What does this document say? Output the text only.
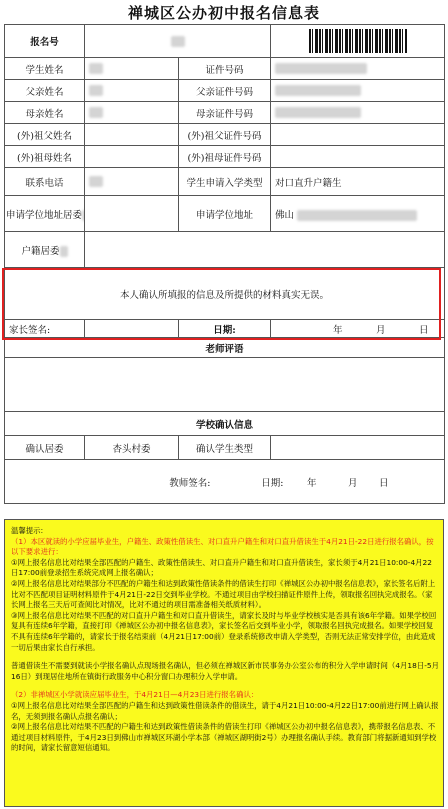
禅城区公办初中报名信息表
报名号			
学生姓名		证件号码	
父亲姓名		父亲证件号码	
母亲姓名		母亲证件号码	
(外)祖父姓名		(外)祖父证件号码	
(外)祖母姓名		(外)祖母证件号码	
联系电话		学生申请入学类型	对口直升户籍生
申请学位地址居委		申请学位地址	佛山
户籍居委			
本人确认所填报的信息及所提供的材料真实无误。			
家长签名:		日期:	年 月 日
老师评语			

学校确认信息			
确认居委	杏头村委	确认学生类型	
教师签名: 日期: 年 月 日			

温馨提示:

（1）本区就读的小学应届毕业生，户籍生、政策性借读生、对口直升户籍生和对口直升借读生于4月21日-22日进行报名确认，按以下要求进行：

①网上报名信息比对结果全部匹配的户籍生、政策性借读生、对口直升户籍生和对口直升借读生，家长须于4月21日10:00-4月22日17:00前登录招生系统完成网上报名确认；

②网上报名信息比对结果部分不匹配的户籍生和达到政策性借读条件的借读生打印《禅城区公办初中报名信息表》，家长签名后附上比对不匹配项目证明材料原件于4月21日-22日交到毕业学校。不通过项目由学校扫描证件原件上传，领取报名回执完成报名。（家长网上报名三天后可查阅比对情况，比对不通过的项目需准备相关纸质材料）。

③网上报名信息比对结果不匹配的对口直升户籍生和对口直升借读生，请家长及时与毕业学校核实是否具有该6年学籍。如果学校回复具有连续6年学籍，直接打印《禅城区公办初中报名信息表》，家长签名后交到毕业小学，领取报名回执完成报名。如果学校回复不具有连续6年学籍的，请家长于报名结束前（4月21日17:00前）登录系统修改申请入学类型，否则无法正常安排学位，由此造成一切后果由家长自行承担。

普通借读生不需要到就读小学报名确认点现场报名确认，但必须在禅城区新市民事务办公室公布的积分入学申请时间（4月18日-5月16日）到现居住地所在镇街行政服务中心积分窗口办理积分入学申请。

（2）非禅城区小学就读应届毕业生，于4月21日—4月23日进行报名确认：

①网上报名信息比对结果全部匹配的户籍生和达到政策性借读条件的借读生，请于4月21日10:00-4月22日17:00前进行网上确认报名，无须到报名确认点报名确认；

②网上报名信息比对结果不匹配的户籍生和达到政策性借读条件的借读生打印《禅城区公办初中报名信息表》，携带报名信息表、不通过项目材料原件，于4月23日到佛山市禅城区环湖小学本部（禅城区湖明街2号）办理报名确认手续。教育部门将据新通知到学校的时间，请家长留意短信通知。
